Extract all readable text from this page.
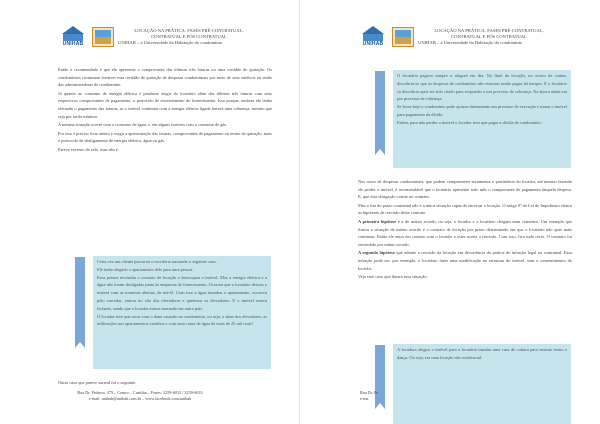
UNIHAB
LOCAÇÃO NA PRÁTICA: FASES PRÉ-CONTRATUAL,
CONTRATUAL E PÓS CONTRATUAL
UNIHAB – a Universidade da Habitação do condomínio

Então o recomendado é que ele apresente o comprovante das últimas três faturas ou uma certidão de quitação. Os condomínios costumam fornecer esta certidão de quitação de despesas condominiais por meio de seus síndicos ou então das administradoras de condomínio.

Já quanto ao consumo de energia elétrica é prudente exigir do locatário além das últimas três faturas com seus respectivos comprovantes de pagamento, o protocolo de encerramento do fornecimento. Isso porque, embora ele tenha efetuado o pagamento das faturas, se o imóvel continuar com a energia elétrica ligada haverá uma cobrança, mesmo que seja por tarifa mínima.

A mesma situação ocorre com o consumo de água, e, em alguns imóveis com o consumo de gás.

Por isso é preciso ficar atento e exigir a apresentação das faturas, comprovantes de pagamento ou termo de quitação, mais o protocolo de desligamento de energia elétrica, água ou gás.

Parece excesso de zelo, mas não é.

Certa vez um cliente procurou o escritório narrando o seguinte caso.

Ele tinha alugado o apartamento dele para uma pessoa.

Essa pessoa rescindiu o contrato de locação e desocupou o imóvel. Mas a energia elétrica e a água não foram desligadas junto às empresas de fornecimento. Ocorreu que o locatário deixou o imóvel com as torneiras abertas, de má-fé. Com isso a água inundou o apartamento, escorreu pelo corredor, entrou no vão dos elevadores e queimou os elevadores. E o imóvel estava fechado, sendo que o locador estava morando em outro país.

O locador teve que arcar com o dano causado ao condomínio, ou seja, o dano dos elevadores, as infiltrações nos apartamentos vizinhos e com uma conta de água de mais de 25 mil reais!

Outro caso que parece surreal foi o seguinte.

Rua Dr. Pedrosa, 475 – Centro – Curitiba – Fones: 3259-6032 / 3259-6033
e-mail: unihab@unihab.com.br – www.facebook.com/unihab
UNIHAB
LOCAÇÃO NA PRÁTICA: FASES PRÉ-CONTRATUAL,
CONTRATUAL E PÓS CONTRATUAL
UNIHAB – a Universidade da Habitação do condomínio

O locatário pagava sempre o aluguel em dia. No final da locação, no acerto de contas, descobriu-se que as despesas de condomínio não estavam sendo pagas há tempos. E o locatário só descobriu após ter sido citado para responder a um processo de cobrança. Na época ainda era por processo de cobrança.

Se fosse hoje o condomínio pode ajuizar diretamente um processo de execução e tomar o imóvel para pagamento da dívida.

Enfim, para não perder o imóvel o locador teve que pagar a dívida de condomínio.

Nos casos de despesas condominiais, que podem comprometer seriamente o patrimônio do locador, até mesmo fazendo ele perder o imóvel, é recomendável que o locatário apresente todo mês o comprovante de pagamento daquela despesa. E, que esta obrigação conste no contrato.

Mas o fim do prazo contratual não é a única situação capaz de encerrar a locação. O artigo 9º da Lei do Inquilinato elenca as hipóteses de rescisão deste contrato.

A primeira hipótese é a de mútuo acordo, ou seja, o locador e o locatário chegam num consenso. Um exemplo que ilustra a situação de mútuo acordo é o contrato de locação por prazo determinado em que o locatário não quer mais continuar. Então ele entra em contato com o locador e estes aceita a rescisão. Com isso, fica tudo certo. O contrato foi rescindido por mútuo acordo.

A segunda hipótese que admite a rescisão da locação em decorrência da prática de infração legal ou contratual. Essa infração pode ser, por exemplo, o locatário fazer uma modificação na estrutura do imóvel, sem o consentimento do locador.

Veja esse caso que ilustra essa situação:

A locadora alugou o imóvel para a locatária instalar uma casa de cultura para ensinar teatro e dança. Ou seja, era uma locação não residencial.

Rua Dr. Pe
e-ma
